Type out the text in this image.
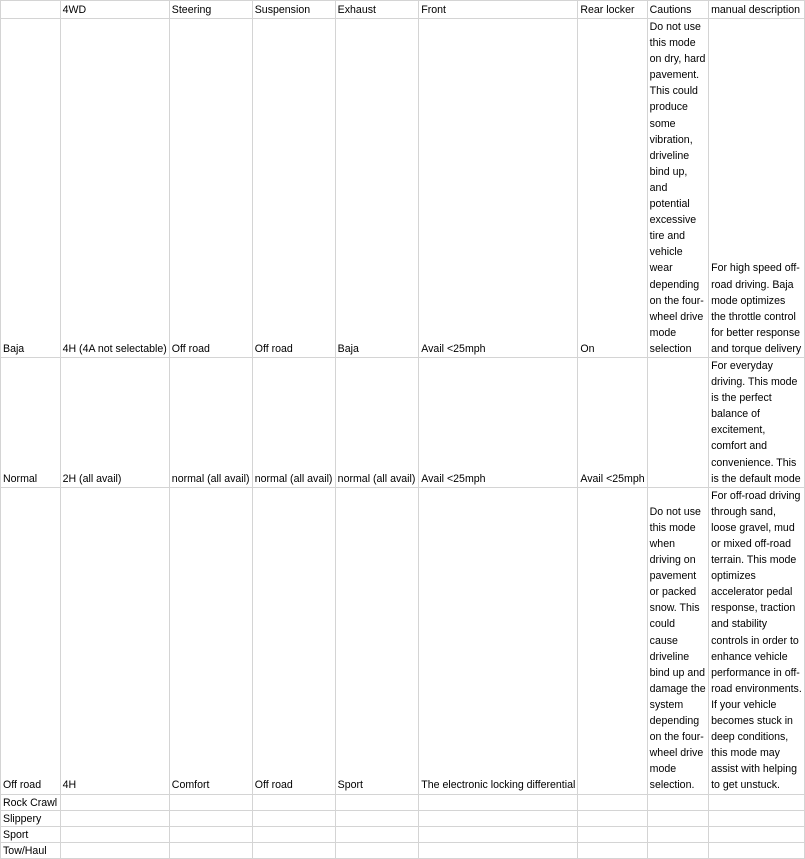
	4WD	Steering	Suspension	Exhaust	Front	Rear locker	Cautions	manual description
Baja	4H (4A not selectable)	Off road	Off road	Baja	Avail <25mph	On	Do not use this mode on dry, hard pavement. This could produce some vibration, driveline bind up, and potential excessive tire and vehicle wear depending on the four-wheel drive mode selection	For high speed off-road driving. Baja mode optimizes the throttle control for better response and torque delivery
Normal	2H (all avail)	normal (all avail)	normal (all avail)	normal (all avail)	Avail <25mph	Avail <25mph		For everyday driving. This mode is the perfect balance of excitement, comfort and convenience. This is the default mode
Off road	4H	Comfort	Off road	Sport	The electronic locking differential		Do not use this mode when driving on pavement or packed snow. This could cause driveline bind up and damage the system depending on the four-wheel drive mode selection.	For off-road driving through sand, loose gravel, mud or mixed off-road terrain. This mode optimizes accelerator pedal response, traction and stability controls in order to enhance vehicle performance in off-road environments. If your vehicle becomes stuck in deep conditions, this mode may assist with helping to get unstuck.
Rock Crawl								
Slippery								
Sport								
Tow/Haul								
